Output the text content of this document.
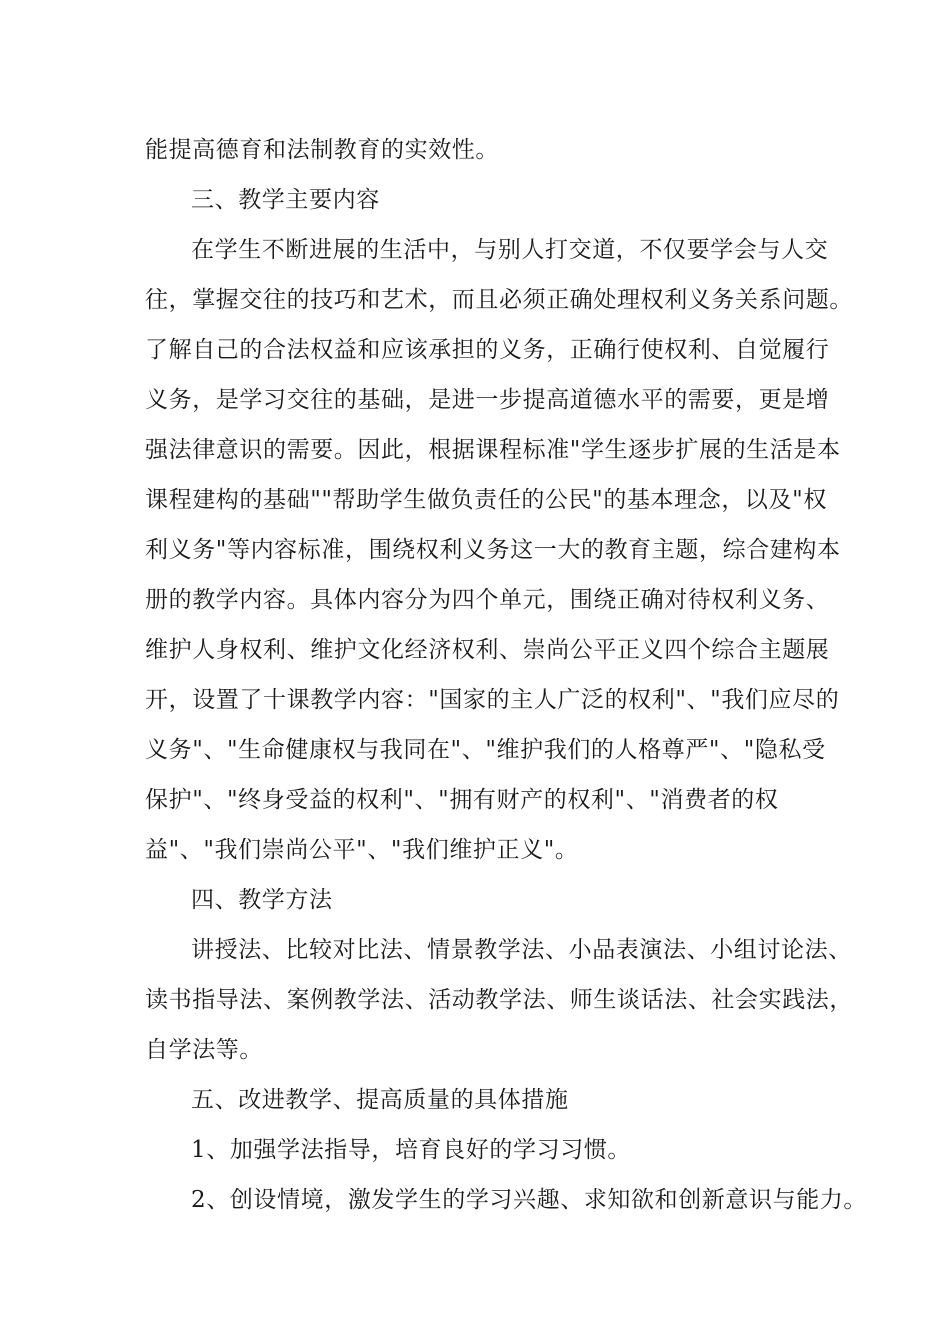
能提高德育和法制教育的实效性。

三、教学主要内容

在学生不断进展的生活中，与别人打交道，不仅要学会与人交

往，掌握交往的技巧和艺术，而且必须正确处理权利义务关系问题。

了解自己的合法权益和应该承担的义务，正确行使权利、自觉履行

义务，是学习交往的基础，是进一步提高道德水平的需要，更是增

强法律意识的需要。因此，根据课程标准"学生逐步扩展的生活是本

课程建构的基础""帮助学生做负责任的公民"的基本理念，以及"权

利义务"等内容标准，围绕权利义务这一大的教育主题，综合建构本

册的教学内容。具体内容分为四个单元，围绕正确对待权利义务、

维护人身权利、维护文化经济权利、崇尚公平正义四个综合主题展

开，设置了十课教学内容："国家的主人广泛的权利"、"我们应尽的

义务"、"生命健康权与我同在"、"维护我们的人格尊严"、"隐私受

保护"、"终身受益的权利"、"拥有财产的权利"、"消费者的权

益"、"我们崇尚公平"、"我们维护正义"。

四、教学方法

讲授法、比较对比法、情景教学法、小品表演法、小组讨论法、

读书指导法、案例教学法、活动教学法、师生谈话法、社会实践法，

自学法等。

五、改进教学、提高质量的具体措施

1、加强学法指导，培育良好的学习习惯。

2、创设情境，激发学生的学习兴趣、求知欲和创新意识与能力。
